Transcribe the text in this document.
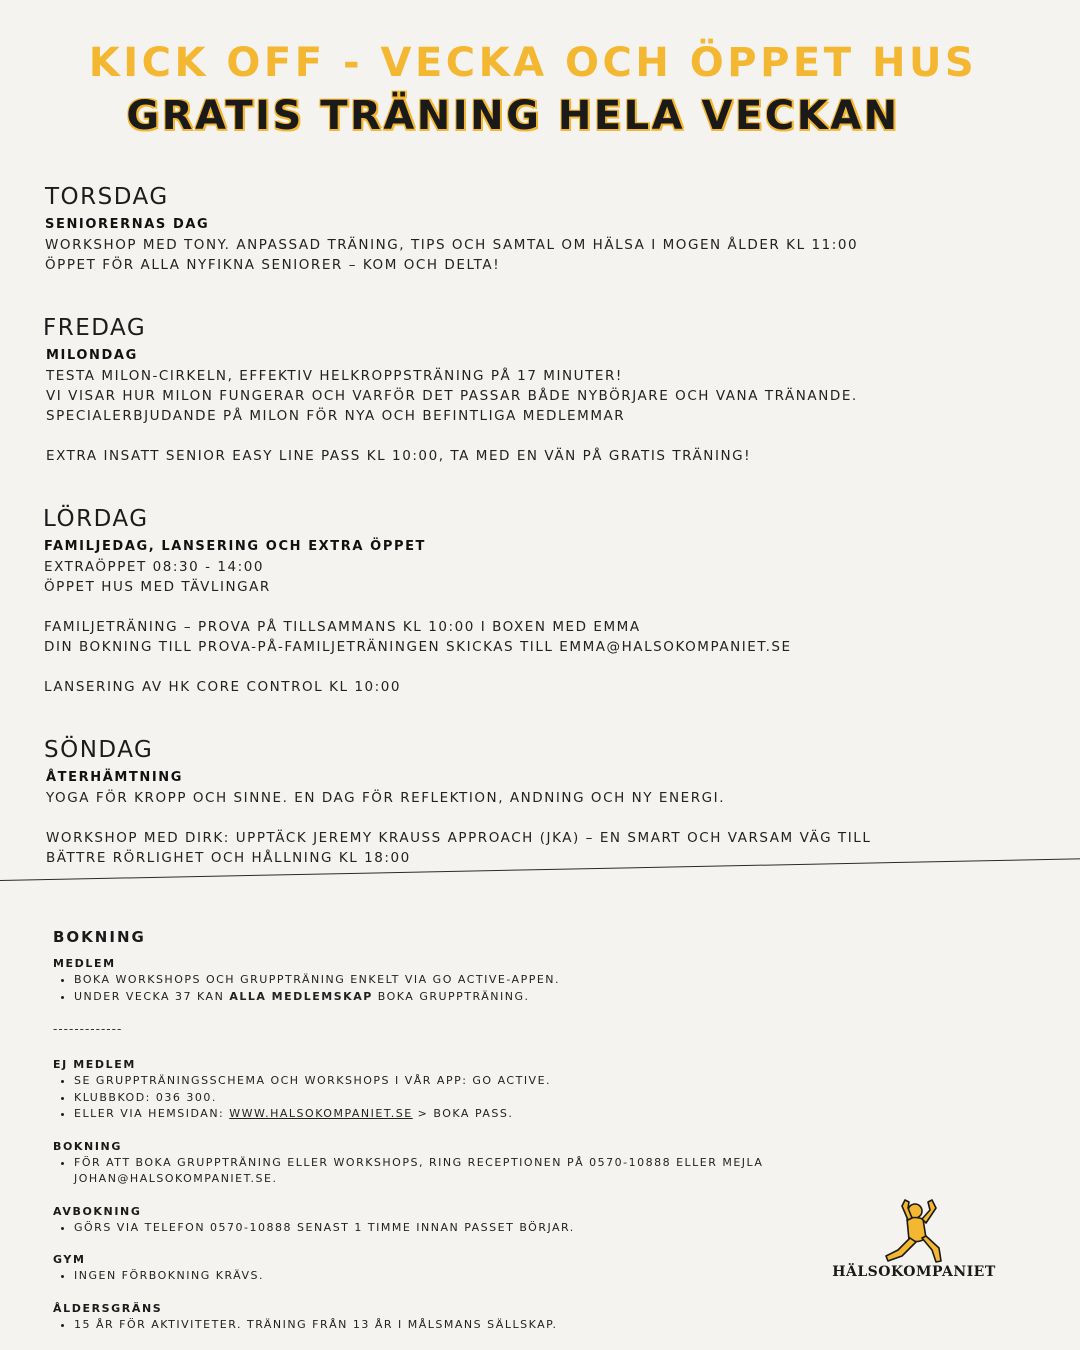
KICK OFF - VECKA OCH ÖPPET HUS
GRATIS TRÄNING HELA VECKAN
TORSDAG
SENIORERNAS DAG
WORKSHOP MED TONY. ANPASSAD TRÄNING, TIPS OCH SAMTAL OM HÄLSA I MOGEN ÅLDER KL 11:00
ÖPPET FÖR ALLA NYFIKNA SENIORER – KOM OCH DELTA!
FREDAG
MILONDAG
TESTA MILON-CIRKELN, EFFEKTIV HELKROPPSTRÄNING PÅ 17 MINUTER!
VI VISAR HUR MILON FUNGERAR OCH VARFÖR DET PASSAR BÅDE NYBÖRJARE OCH VANA TRÄNANDE.
SPECIALERBJUDANDE PÅ MILON FÖR NYA OCH BEFINTLIGA MEDLEMMAR
EXTRA INSATT SENIOR EASY LINE PASS KL 10:00, TA MED EN VÄN PÅ GRATIS TRÄNING!
LÖRDAG
FAMILJEDAG, LANSERING OCH EXTRA ÖPPET
EXTRAÖPPET 08:30 - 14:00
ÖPPET HUS MED TÄVLINGAR
FAMILJETRÄNING – PROVA PÅ TILLSAMMANS KL 10:00 I BOXEN MED EMMA
DIN BOKNING TILL PROVA-PÅ-FAMILJETRÄNINGEN SKICKAS TILL EMMA@HALSOKOMPANIET.SE
LANSERING AV HK CORE CONTROL KL 10:00
SÖNDAG
ÅTERHÄMTNING
YOGA FÖR KROPP OCH SINNE. EN DAG FÖR REFLEKTION, ANDNING OCH NY ENERGI.
WORKSHOP MED DIRK: UPPTÄCK JEREMY KRAUSS APPROACH (JKA) – EN SMART OCH VARSAM VÄG TILL
BÄTTRE RÖRLIGHET OCH HÅLLNING KL 18:00
BOKNING
MEDLEM
• BOKA WORKSHOPS OCH GRUPPTRÄNING ENKELT VIA GO ACTIVE-APPEN.
• UNDER VECKA 37 KAN ALLA MEDLEMSKAP BOKA GRUPPTRÄNING.
-------------
EJ MEDLEM
• SE GRUPPTRÄNINGSSCHEMA OCH WORKSHOPS I VÅR APP: GO ACTIVE.
• KLUBBKOD: 036 300.
• ELLER VIA HEMSIDAN: WWW.HALSOKOMPANIET.SE > BOKA PASS.
BOKNING
• FÖR ATT BOKA GRUPPTRÄNING ELLER WORKSHOPS, RING RECEPTIONEN PÅ 0570-10888 ELLER MEJLA JOHAN@HALSOKOMPANIET.SE.
AVBOKNING
• GÖRS VIA TELEFON 0570-10888 SENAST 1 TIMME INNAN PASSET BÖRJAR.
GYM
• INGEN FÖRBOKNING KRÄVS.
ÅLDERSGRÄNS
• 15 ÅR FÖR AKTIVITETER. TRÄNING FRÅN 13 ÅR I MÅLSMANS SÄLLSKAP.
HÄLSOKOMPANIET
